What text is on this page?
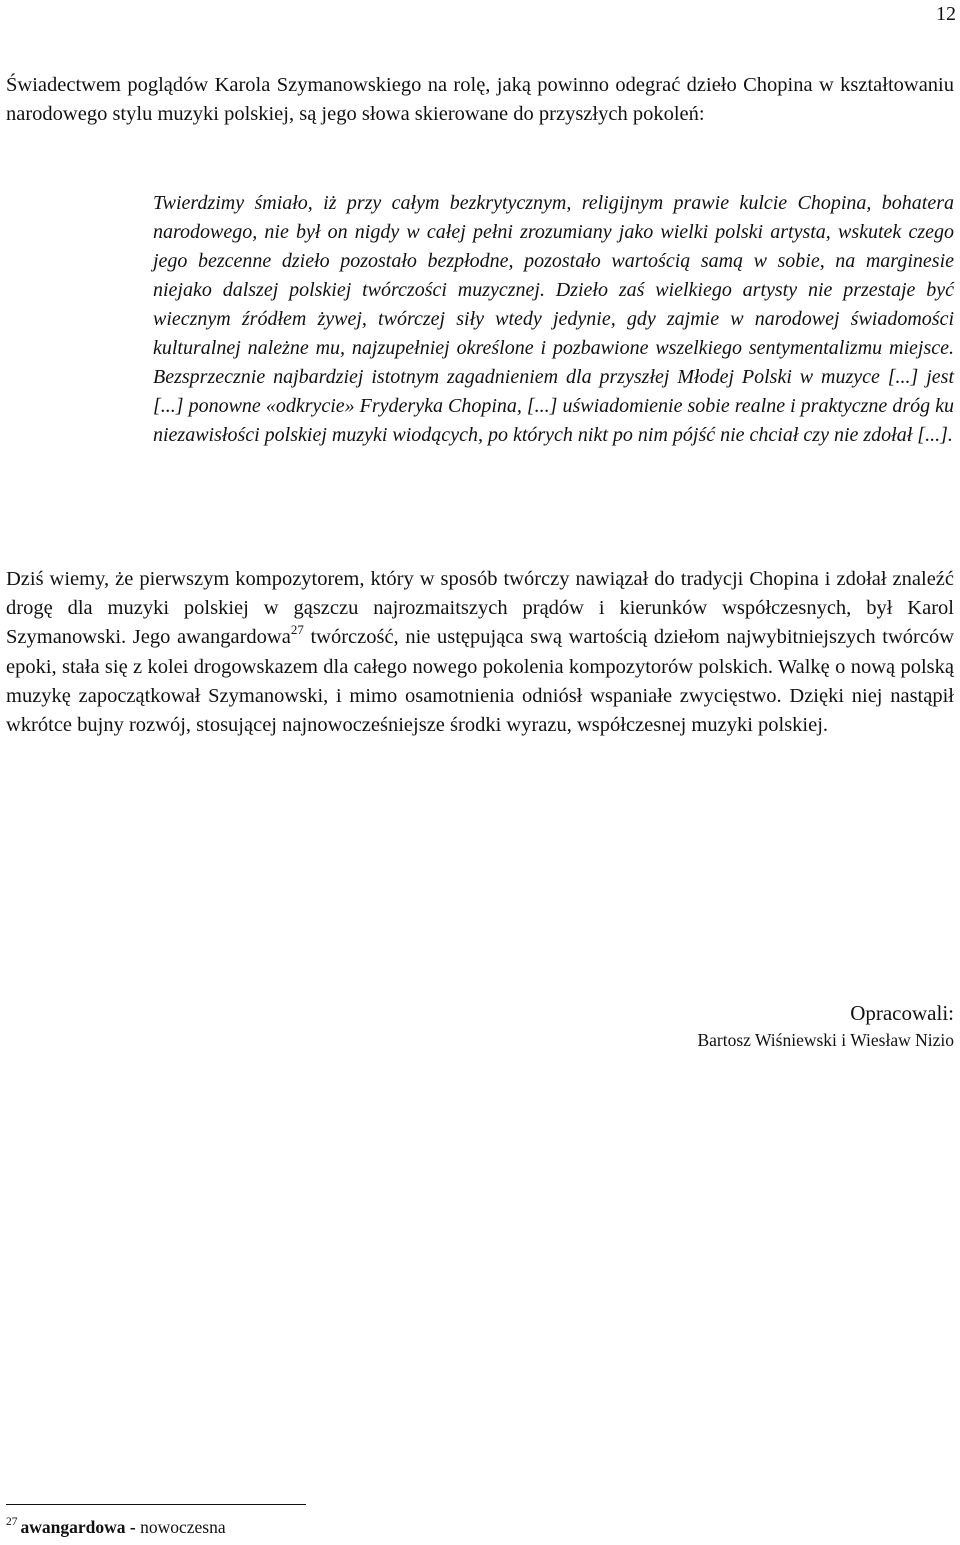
12

Świadectwem poglądów Karola Szymanowskiego na rolę, jaką powinno odegrać dzieło Chopina w kształtowaniu narodowego stylu muzyki polskiej, są jego słowa skierowane do przyszłych pokoleń:

Twierdzimy śmiało, iż przy całym bezkrytycznym, religijnym prawie kulcie Chopina, bohatera narodowego, nie był on nigdy w całej pełni zrozumiany jako wielki polski artysta, wskutek czego jego bezcenne dzieło pozostało bezpłodne, pozostało wartością samą w sobie, na marginesie niejako dalszej polskiej twórczości muzycznej. Dzieło zaś wielkiego artysty nie przestaje być wiecznym źródłem żywej, twórczej siły wtedy jedynie, gdy zajmie w narodowej świadomości kulturalnej należne mu, najzupełniej określone i pozbawione wszelkiego sentymentalizmu miejsce. Bezsprzecznie najbardziej istotnym zagadnieniem dla przyszłej Młodej Polski w muzyce [...] jest [...] ponowne «odkrycie» Fryderyka Chopina, [...] uświadomienie sobie realne i praktyczne dróg ku niezawisłości polskiej muzyki wiodących, po których nikt po nim pójść nie chciał czy nie zdołał [...].

Dziś wiemy, że pierwszym kompozytorem, który w sposób twórczy nawiązał do tradycji Chopina i zdołał znaleźć drogę dla muzyki polskiej w gąszczu najrozmaitszych prądów i kierunków współczesnych, był Karol Szymanowski. Jego awangardowa$^{27}$ twórczość, nie ustępująca swą wartością dziełom najwybitniejszych twórców epoki, stała się z kolei drogowskazem dla całego nowego pokolenia kompozytorów polskich. Walkę o nową polską muzykę zapoczątkował Szymanowski, i mimo osamotnienia odniósł wspaniałe zwycięstwo. Dzięki niej nastąpił wkrótce bujny rozwój, stosującej najnowocześniejsze środki wyrazu, współczesnej muzyki polskiej.

Opracowali:

Bartosz Wiśniewski i Wiesław Nizio

$^{27}$ awangardowa - nowoczesna
